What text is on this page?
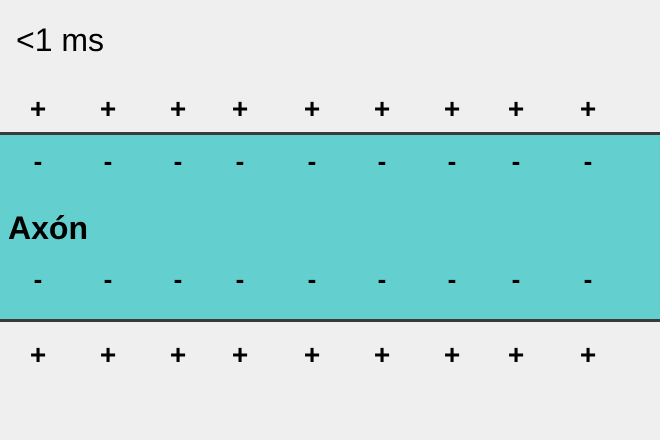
<1 ms
Axón
+ + + + + + + + +
-	-	-	-	-	-	-	-	-
-	-	-	-	-	-	-	-	-
+ + + + + + + + +
